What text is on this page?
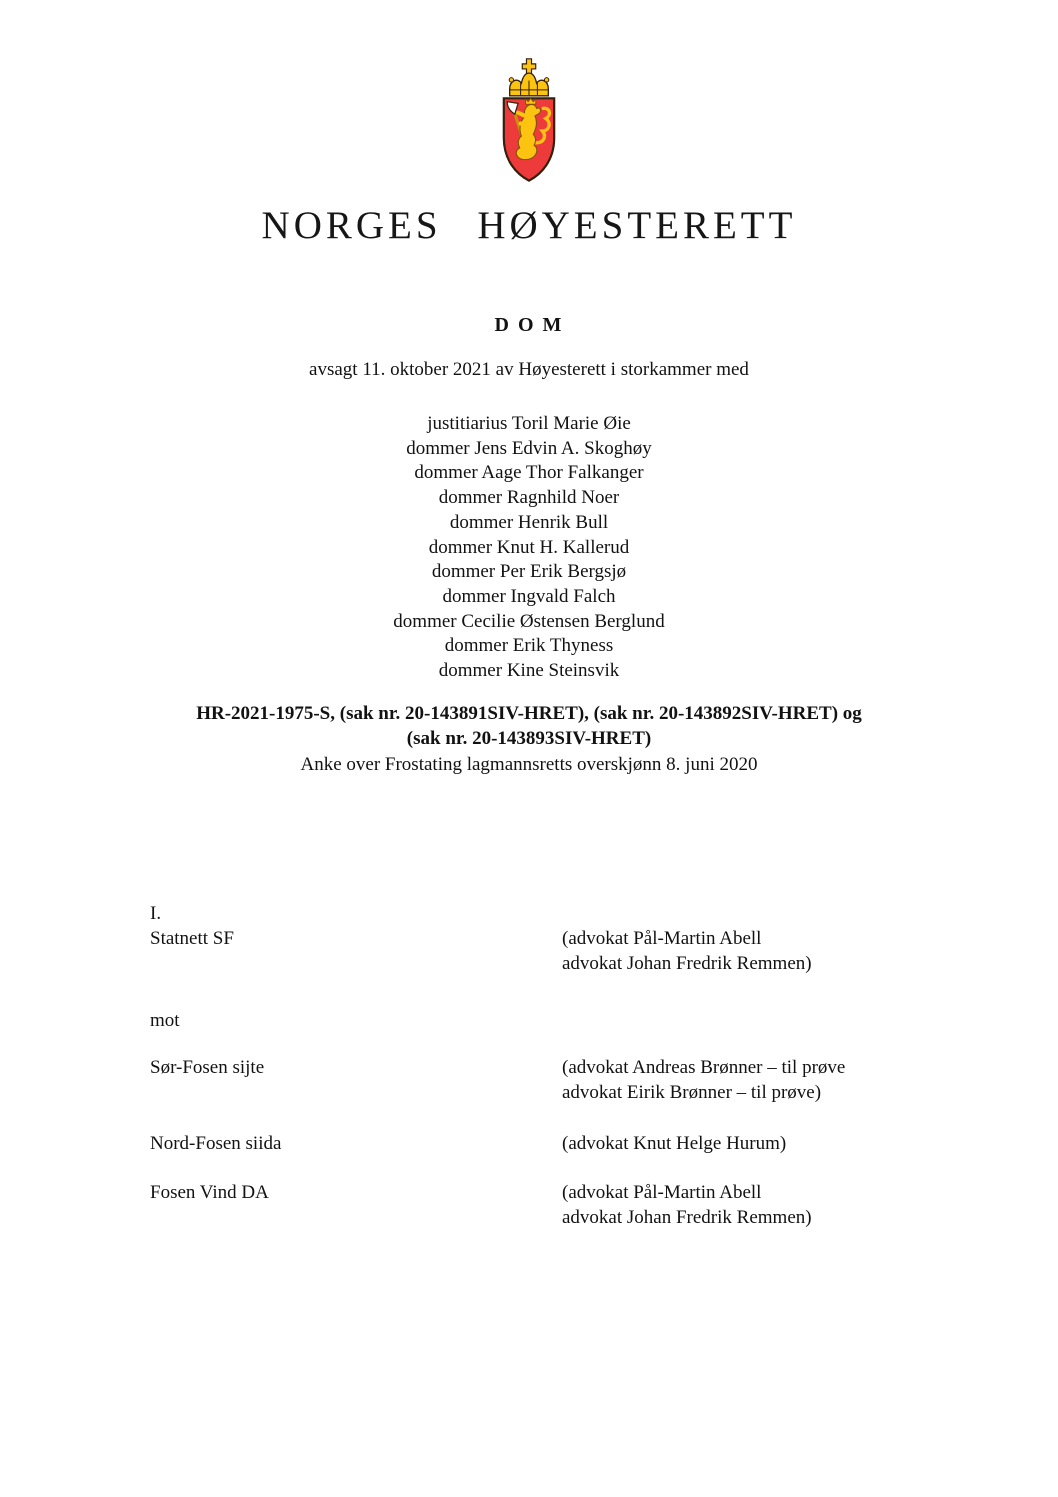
NORGES HØYESTERETT
D O M
avsagt 11. oktober 2021 av Høyesterett i storkammer med
justitiarius Toril Marie Øie
dommer Jens Edvin A. Skoghøy
dommer Aage Thor Falkanger
dommer Ragnhild Noer
dommer Henrik Bull
dommer Knut H. Kallerud
dommer Per Erik Bergsjø
dommer Ingvald Falch
dommer Cecilie Østensen Berglund
dommer Erik Thyness
dommer Kine Steinsvik
HR-2021-1975-S, (sak nr. 20-143891SIV-HRET), (sak nr. 20-143892SIV-HRET) og
(sak nr. 20-143893SIV-HRET)
Anke over Frostating lagmannsretts overskjønn 8. juni 2020
I.
Statnett SF	(advokat Pål-Martin Abell
advokat Johan Fredrik Remmen)
mot
Sør-Fosen sijte	(advokat Andreas Brønner – til prøve
advokat Eirik Brønner – til prøve)
Nord-Fosen siida	(advokat Knut Helge Hurum)
Fosen Vind DA	(advokat Pål-Martin Abell
advokat Johan Fredrik Remmen)
